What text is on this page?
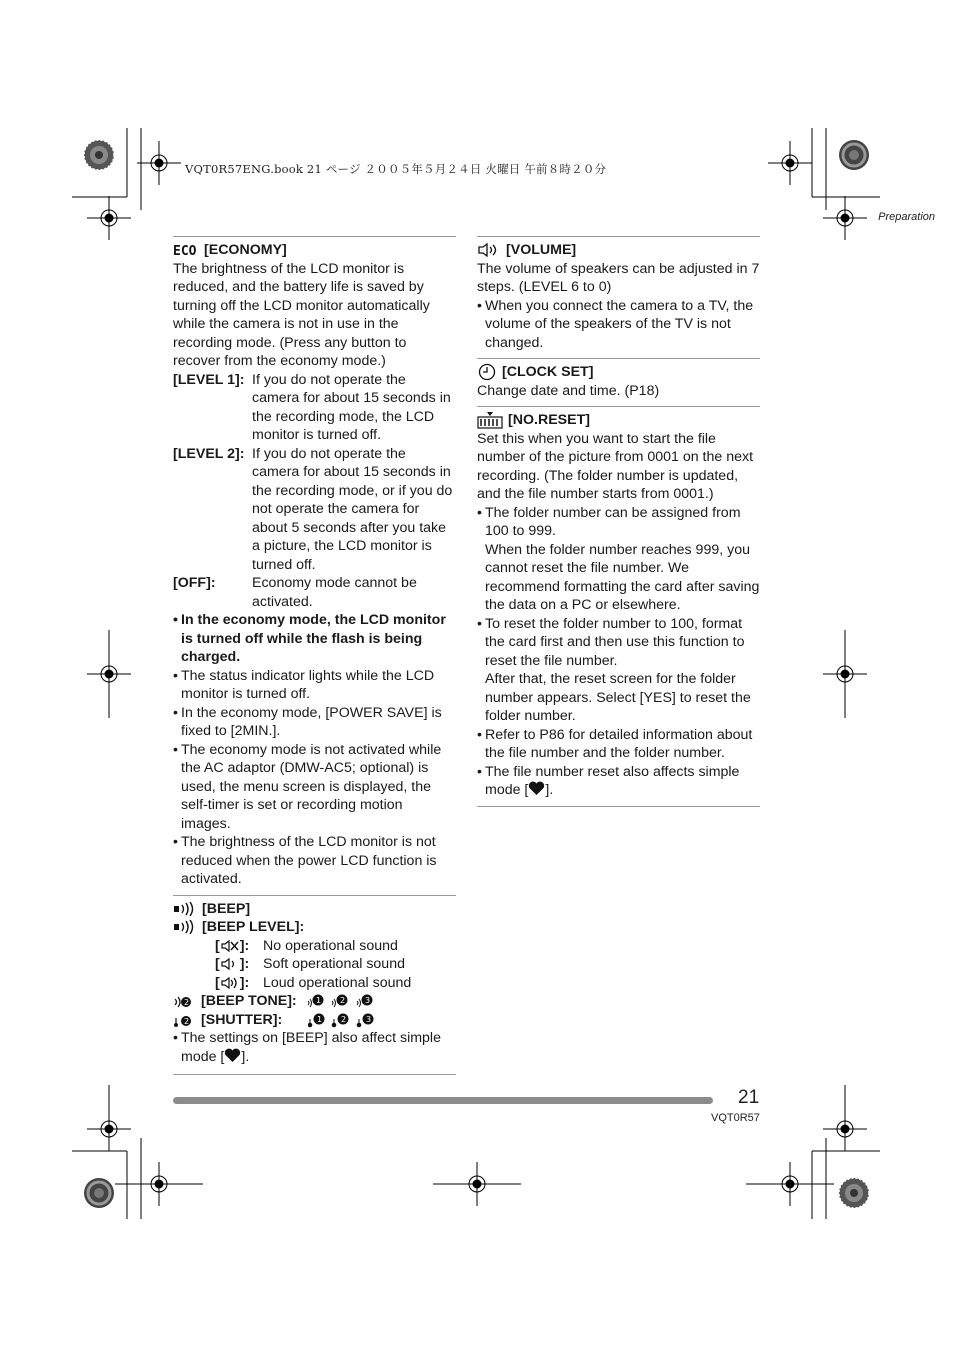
VQT0R57ENG.book 21 ページ ２００５年５月２４日 火曜日 午前８時２０分
Preparation
ECO [ECONOMY]

The brightness of the LCD monitor is reduced, and the battery life is saved by turning off the LCD monitor automatically while the camera is not in use in the recording mode. (Press any button to recover from the economy mode.)

[LEVEL 1]: If you do not operate the camera for about 15 seconds in the recording mode, the LCD monitor is turned off.
[LEVEL 2]: If you do not operate the camera for about 15 seconds in the recording mode, or if you do not operate the camera for about 5 seconds after you take a picture, the LCD monitor is turned off.
[OFF]:	Economy mode cannot be activated.
• In the economy mode, the LCD monitor is turned off while the flash is being charged.
• The status indicator lights while the LCD monitor is turned off.
• In the economy mode, [POWER SAVE] is fixed to [2MIN.].
• The economy mode is not activated while the AC adaptor (DMW-AC5; optional) is used, the menu screen is displayed, the self-timer is set or recording motion images.
• The brightness of the LCD monitor is not reduced when the power LCD function is activated.
[BEEP]
[BEEP LEVEL]:
[ ]: No operational sound
[ ]: Soft operational sound
[ ]: Loud operational sound
2 [BEEP TONE]: 1 2 3
2 [SHUTTER]:	1 2 3
• The settings on [BEEP] also affect simple mode [ ].
[VOLUME]

The volume of speakers can be adjusted in 7 steps. (LEVEL 6 to 0)

• When you connect the camera to a TV, the volume of the speakers of the TV is not changed.
[CLOCK SET]

Change date and time. (P18)

[NO.RESET]

Set this when you want to start the file number of the picture from 0001 on the next recording. (The folder number is updated, and the file number starts from 0001.)

• The folder number can be assigned from 100 to 999.
When the folder number reaches 999, you cannot reset the file number. We recommend formatting the card after saving the data on a PC or elsewhere.
• To reset the folder number to 100, format the card first and then use this function to reset the file number.
After that, the reset screen for the folder number appears. Select [YES] to reset the folder number.
• Refer to P86 for detailed information about the file number and the folder number.
• The file number reset also affects simple mode [ ].
21
VQT0R57
